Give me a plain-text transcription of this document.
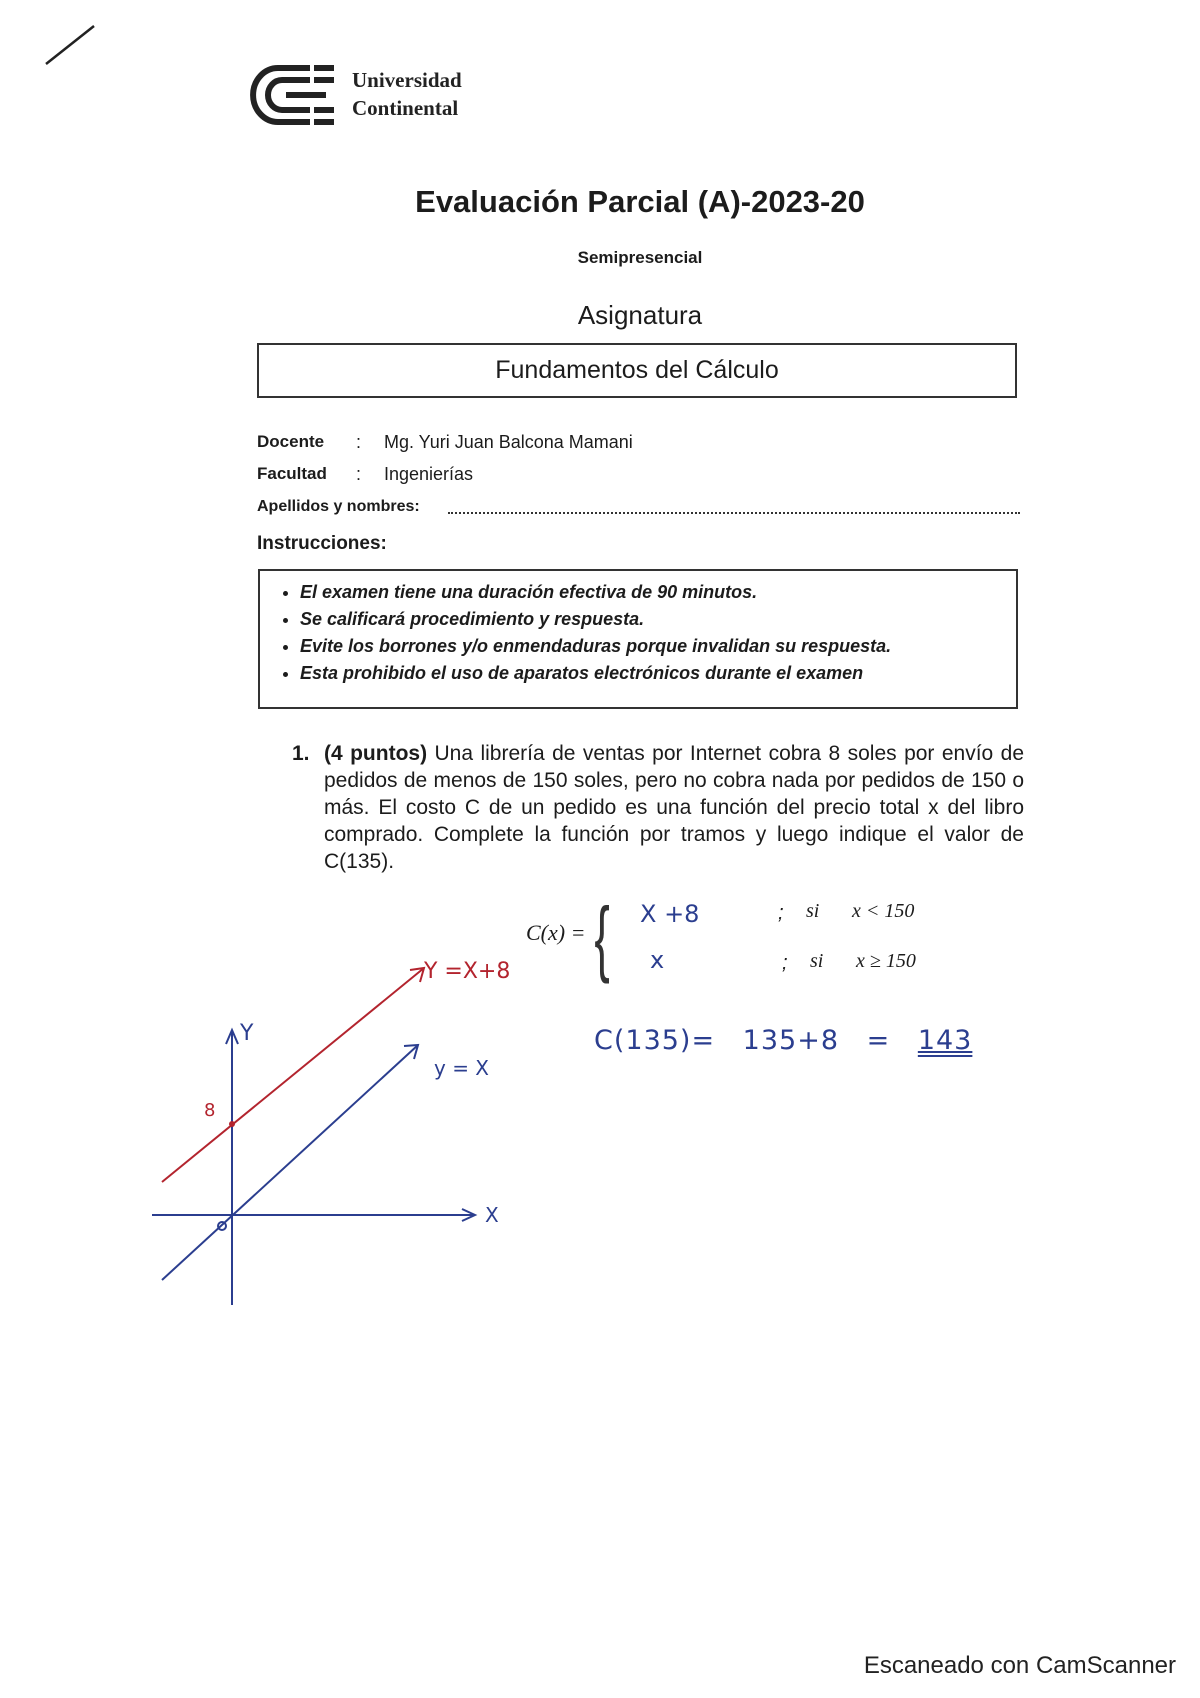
Universidad
Continental
Evaluación Parcial (A)-2023-20
Semipresencial
Asignatura
Fundamentos del Cálculo
Docente : Mg. Yuri Juan Balcona Mamani
Facultad : Ingenierías
Apellidos y nombres:
Instrucciones:
• El examen tiene una duración efectiva de 90 minutos.
• Se calificará procedimiento y respuesta.
• Evite los borrones y/o enmendaduras porque invalidan su respuesta.
• Esta prohibido el uso de aparatos electrónicos durante el examen
1. (4 puntos) Una librería de ventas por Internet cobra 8 soles por envío de pedidos de menos de 150 soles, pero no cobra nada por pedidos de 150 o más. El costo C de un pedido es una función del precio total x del libro comprado. Complete la función por tramos y luego indique el valor de C(135).
C(x) = { X +8	; si x < 150
x	; si x ≥ 150
C(135)= 135+8 = 143
8
Y =X+8
y = X
Y
X
Escaneado con CamScanner
